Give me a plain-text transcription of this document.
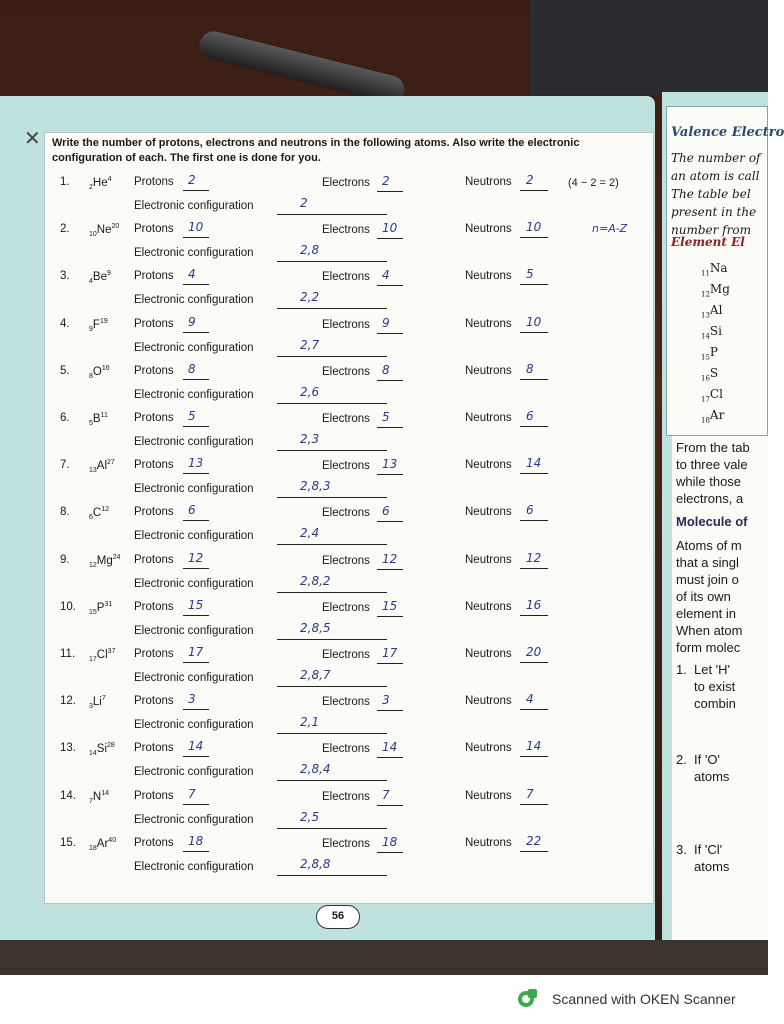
✕ Write the number of protons, electrons and neutrons in the following atoms. Also write the electronic configuration of each. The first one is done for you.
1.	$_2He^4$ Protons 2	Electrons 2	Neutrons 2
Electronic configuration	2
2.	$_{10}Ne^{20}$ Protons 10	Electrons 10	Neutrons 10
Electronic configuration	2,8
3.	$_4Be^9$ Protons 4	Electrons 4	Neutrons 5
Electronic configuration	2,2
4.	$_9F^{19}$ Protons 9	Electrons 9	Neutrons 10
Electronic configuration	2,7
5.	$_8O^{16}$ Protons 8	Electrons 8	Neutrons 8
Electronic configuration	2,6
6.	$_5B^{11}$ Protons 5	Electrons 5	Neutrons 6
Electronic configuration	2,3
7.	$_{13}Al^{27}$ Protons 13	Electrons 13	Neutrons 14
Electronic configuration	2,8,3
8.	$_6C^{12}$ Protons 6	Electrons 6	Neutrons 6
Electronic configuration	2,4
9.	$_{12}Mg^{24}$ Protons 12	Electrons 12	Neutrons 12
Electronic configuration	2,8,2
10. $_{15}P^{31}$ Protons 15	Electrons 15	Neutrons 16
Electronic configuration	2,8,5
11. $_{17}Cl^{37}$ Protons 17	Electrons 17	Neutrons 20
Electronic configuration	2,8,7
12. $_3Li^7$ Protons 3	Electrons 3	Neutrons 4
Electronic configuration	2,1
13. $_{14}Si^{28}$ Protons 14	Electrons 14	Neutrons 14
Electronic configuration	2,8,4
14. $_7N^{14}$ Protons 7	Electrons 7	Neutrons 7
Electronic configuration	2,5
15. $_{18}Ar^{40}$ Protons 18	Electrons 18	Neutrons 22
Electronic configuration	2,8,8
(4 − 2 = 2)
n=A-Z
56
Valence Electro
The number of
an atom is call
The table bel
present in the
number from
Element El
$_{11}$Na
$_{12}$Mg
$_{13}$Al
$_{14}$Si
$_{15}$P
$_{16}$S
$_{17}$Cl
$_{18}$Ar
From the tab
to three vale
while those
electrons, a
Molecule of
Atoms of m
that a singl
must join o
of its own
element in
When atom
form molec
1. Let 'H'
to exist
combin
2. If 'O'
atoms
3. If 'Cl'
atoms
Scanned with OKEN Scanner
